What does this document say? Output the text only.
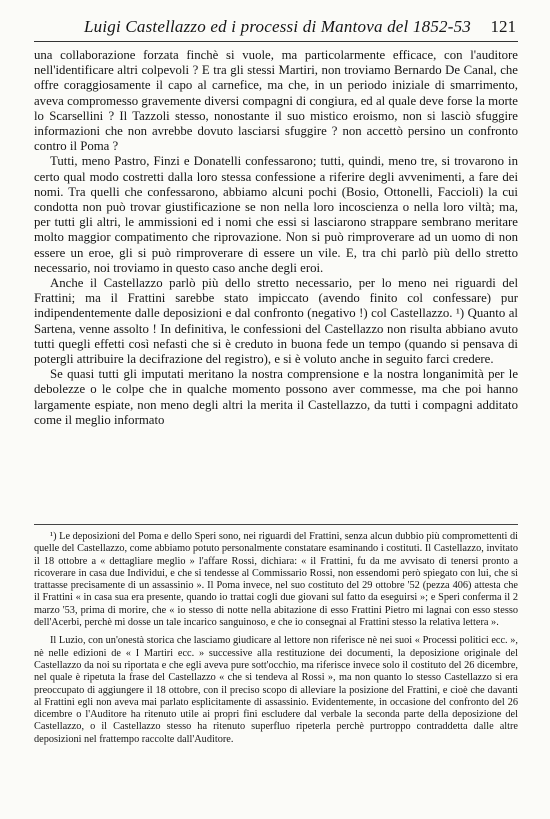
Luigi Castellazzo ed i processi di Mantova del 1852-53 121

una collaborazione forzata finchè si vuole, ma particolarmente efficace, con l'auditore nell'identificare altri colpevoli ? E tra gli stessi Martiri, non troviamo Bernardo De Canal, che offre coraggiosamente il capo al carnefice, ma che, in un periodo iniziale di smarrimento, aveva compromesso gravemente diversi compagni di congiura, ed al quale deve forse la morte lo Scarsellini ? Il Tazzoli stesso, nonostante il suo mistico eroismo, non si lasciò sfuggire informazioni che non avrebbe dovuto lasciarsi sfuggire ? non accettò persino un confronto contro il Poma ?

Tutti, meno Pastro, Finzi e Donatelli confessarono; tutti, quindi, meno tre, si trovarono in certo qual modo costretti dalla loro stessa confessione a riferire degli avvenimenti, a fare dei nomi. Tra quelli che confessarono, abbiamo alcuni pochi (Bosio, Ottonelli, Faccioli) la cui condotta non può trovar giustificazione se non nella loro incoscienza o nella loro viltà; ma, per tutti gli altri, le ammissioni ed i nomi che essi si lasciarono strappare sembrano meritare molto maggior compatimento che riprovazione. Non si può rimproverare ad un uomo di non essere un eroe, gli si può rimproverare di essere un vile. E, tra chi parlò più dello stretto necessario, noi troviamo in questo caso anche degli eroi.

Anche il Castellazzo parlò più dello stretto necessario, per lo meno nei riguardi del Frattini; ma il Frattini sarebbe stato impiccato (avendo finito col confessare) pur indipendentemente dalle deposizioni e dal confronto (negativo !) col Castellazzo. ¹) Quanto al Sartena, venne assolto ! In definitiva, le confessioni del Castellazzo non risulta abbiano avuto tutti quegli effetti così nefasti che si è creduto in buona fede un tempo (quando si pensava di potergli attribuire la decifrazione del registro), e si è voluto anche in seguito farci credere.

Se quasi tutti gli imputati meritano la nostra comprensione e la nostra longanimità per le debolezze o le colpe che in qualche momento possono aver commesse, ma che poi hanno largamente espiate, non meno degli altri la merita il Castellazzo, da tutti i compagni additato come il meglio informato

¹) Le deposizioni del Poma e dello Speri sono, nei riguardi del Frattini, senza alcun dubbio più compromettenti di quelle del Castellazzo, come abbiamo potuto personalmente constatare esaminando i costituti. Il Castellazzo, invitato il 18 ottobre a « dettagliare meglio » l'affare Rossi, dichiara: « il Frattini, fu da me avvisato di tenersi pronto a ricoverare in casa due Individui, e che si tendesse al Commissario Rossi, non essendomi però spiegato con lui, che si trattasse precisamente di un assassinio ». Il Poma invece, nel suo costituto del 29 ottobre '52 (pezza 406) attesta che il Frattini « in casa sua era presente, quando io trattai cogli due giovani sul fatto da eseguirsi »; e Speri conferma il 2 marzo '53, prima di morire, che « io stesso di notte nella abitazione di esso Frattini Pietro mi lagnai con esso stesso dell'Acerbi, perchè mi dosse un tale incarico sanguinoso, e che io consegnai al Frattini stesso la relativa lettera ».

Il Luzio, con un'onestà storica che lasciamo giudicare al lettore non riferisce nè nei suoi « Processi politici ecc. », nè nelle edizioni de « I Martiri ecc. » successive alla restituzione dei documenti, la deposizione originale del Castellazzo da noi su riportata e che egli aveva pure sott'occhio, ma riferisce invece solo il costituto del 26 dicembre, nel quale è ripetuta la frase del Castellazzo « che si tendeva al Rossi », ma non quanto lo stesso Castellazzo si era preoccupato di aggiungere il 18 ottobre, con il preciso scopo di alleviare la posizione del Frattini, e cioè che davanti al Frattini egli non aveva mai parlato esplicitamente di assassinio. Evidentemente, in occasione del confronto del 26 dicembre o l'Auditore ha ritenuto utile ai propri fini escludere dal verbale la seconda parte della deposizione del Castellazzo, o il Castellazzo stesso ha ritenuto superfluo ripeterla perchè purtroppo contraddetta dalle altre deposizioni nel frattempo raccolte dall'Auditore.
